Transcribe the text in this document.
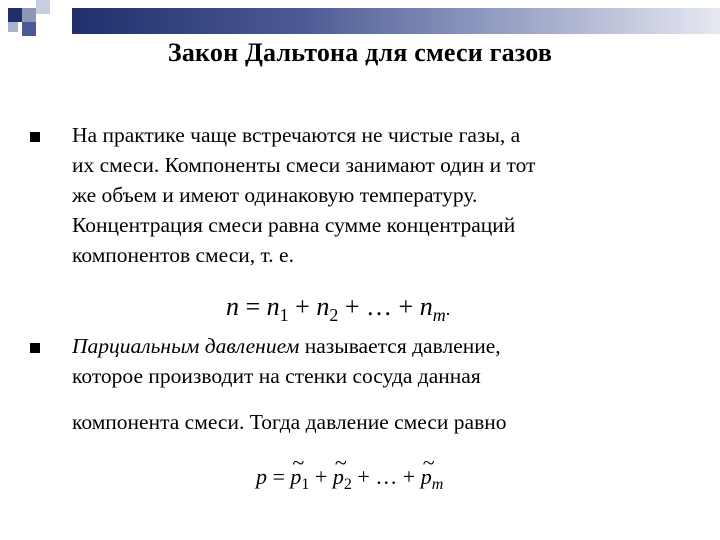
Закон Дальтона для смеси газов
На практике чаще встречаются не чистые газы, а
их смеси. Компоненты смеси занимают один и тот
же объем и имеют одинаковую температуру.
Концентрация смеси равна сумме концентраций
компонентов смеси, т. е.
$n = n_1 + n_2$ + … + $n_m$.
Парциальным давлением называется давление,
которое производит на стенки сосуда данная
компонента смеси. Тогда давление смеси равно
p = ~ $p_1$ + ~ $p_2$ + … + ~ $p_m$
